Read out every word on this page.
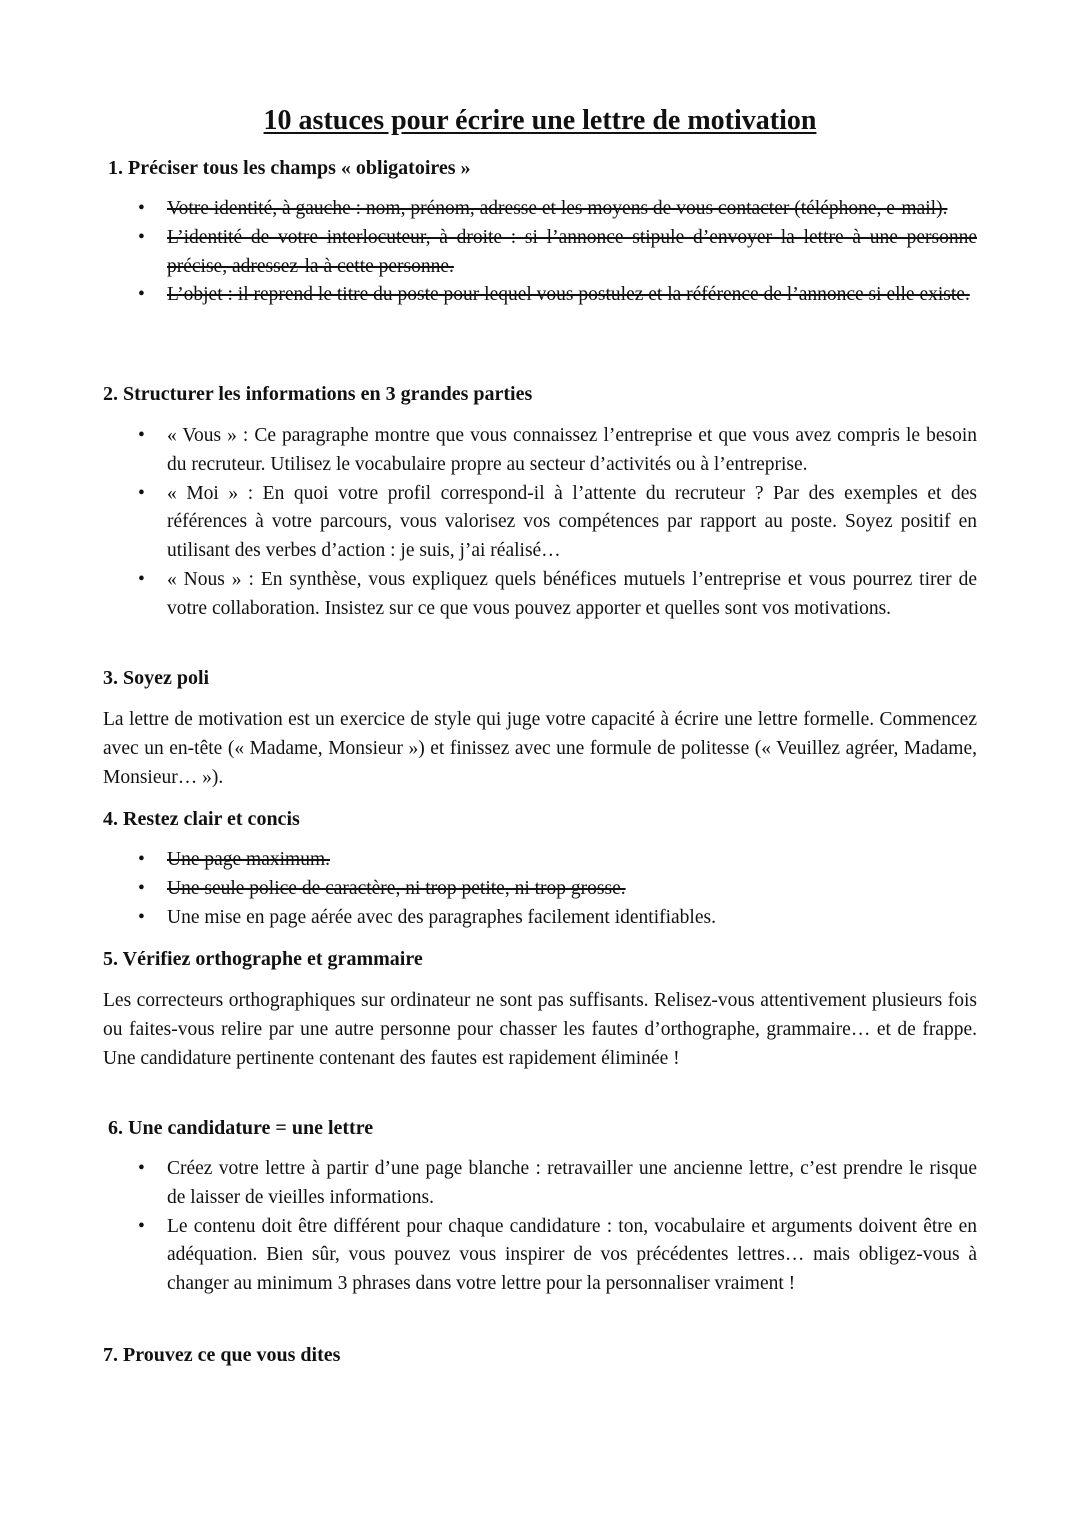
10 astuces pour écrire une lettre de motivation
1. Préciser tous les champs « obligatoires »
• Votre identité, à gauche : nom, prénom, adresse et les moyens de vous contacter (téléphone, e-mail).
• L’identité de votre interlocuteur, à droite : si l’annonce stipule d’envoyer la lettre à une personne précise, adressez-la à cette personne.
• L’objet : il reprend le titre du poste pour lequel vous postulez et la référence de l’annonce si elle existe.
2. Structurer les informations en 3 grandes parties
• « Vous » : Ce paragraphe montre que vous connaissez l’entreprise et que vous avez compris le besoin du recruteur. Utilisez le vocabulaire propre au secteur d’activités ou à l’entreprise.
• « Moi » : En quoi votre profil correspond-il à l’attente du recruteur ? Par des exemples et des références à votre parcours, vous valorisez vos compétences par rapport au poste. Soyez positif en utilisant des verbes d’action : je suis, j’ai réalisé…
• « Nous » : En synthèse, vous expliquez quels bénéfices mutuels l’entreprise et vous pourrez tirer de votre collaboration. Insistez sur ce que vous pouvez apporter et quelles sont vos motivations.
3. Soyez poli

La lettre de motivation est un exercice de style qui juge votre capacité à écrire une lettre formelle. Commencez avec un en-tête (« Madame, Monsieur ») et finissez avec une formule de politesse (« Veuillez agréer, Madame, Monsieur… »).

4. Restez clair et concis
• Une page maximum.
• Une seule police de caractère, ni trop petite, ni trop grosse.
• Une mise en page aérée avec des paragraphes facilement identifiables.
5. Vérifiez orthographe et grammaire

Les correcteurs orthographiques sur ordinateur ne sont pas suffisants. Relisez-vous attentivement plusieurs fois ou faites-vous relire par une autre personne pour chasser les fautes d’orthographe, grammaire… et de frappe. Une candidature pertinente contenant des fautes est rapidement éliminée !

6. Une candidature = une lettre
• Créez votre lettre à partir d’une page blanche : retravailler une ancienne lettre, c’est prendre le risque de laisser de vieilles informations.
• Le contenu doit être différent pour chaque candidature : ton, vocabulaire et arguments doivent être en adéquation. Bien sûr, vous pouvez vous inspirer de vos précédentes lettres… mais obligez-vous à changer au minimum 3 phrases dans votre lettre pour la personnaliser vraiment !
7. Prouvez ce que vous dites
